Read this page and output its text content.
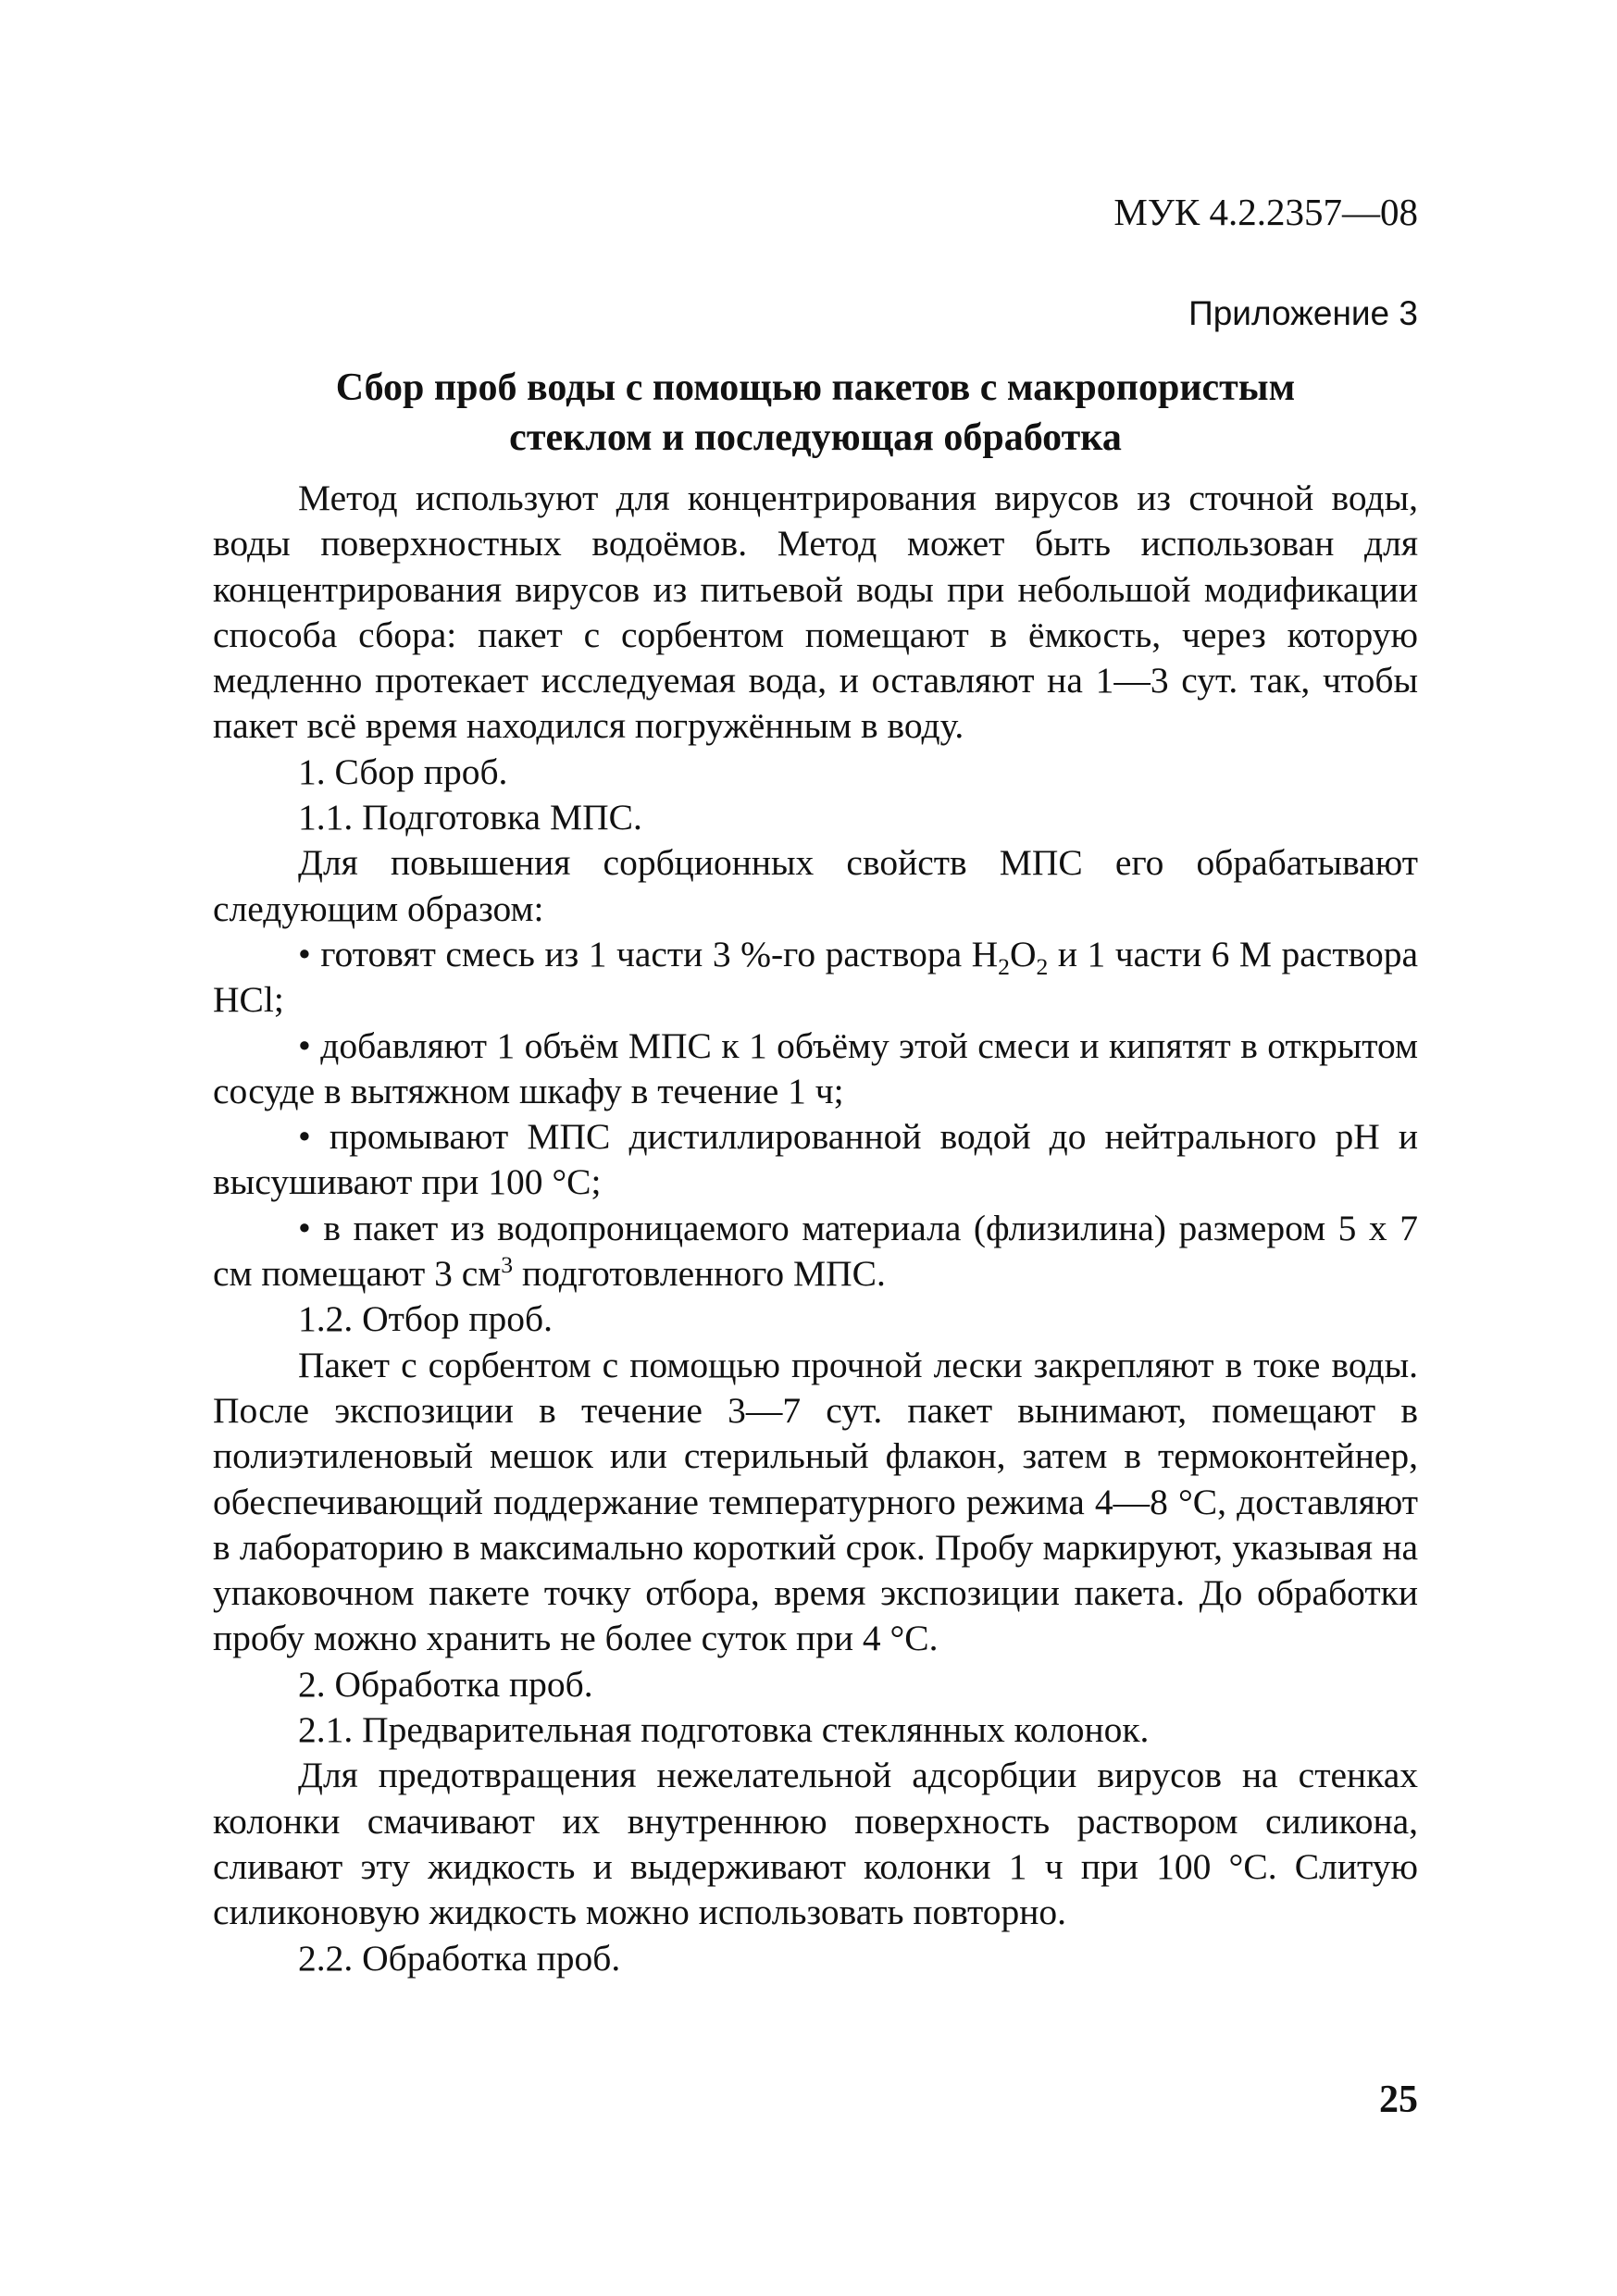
МУК 4.2.2357—08
Приложение 3
Сбор проб воды с помощью пакетов с макропористым
стеклом и последующая обработка

Метод используют для концентрирования вирусов из сточной воды, воды поверхностных водоёмов. Метод может быть использован для концентрирования вирусов из питьевой воды при небольшой модификации способа сбора: пакет с сорбентом помещают в ёмкость, через которую медленно протекает исследуемая вода, и оставляют на 1—3 сут. так, чтобы пакет всё время находился погружённым в воду.

1. Сбор проб.

1.1. Подготовка МПС.

Для повышения сорбционных свойств МПС его обрабатывают следующим образом:

• готовят смесь из 1 части 3 %-го раствора $H_2O_2$ и 1 части 6 М раствора HCl;

• добавляют 1 объём МПС к 1 объёму этой смеси и кипятят в открытом сосуде в вытяжном шкафу в течение 1 ч;

• промывают МПС дистиллированной водой до нейтрального рН и высушивают при 100 °С;

• в пакет из водопроницаемого материала (флизилина) размером 5 х 7 см помещают 3 $см^3$ подготовленного МПС.

1.2. Отбор проб.

Пакет с сорбентом с помощью прочной лески закрепляют в токе воды. После экспозиции в течение 3—7 сут. пакет вынимают, помещают в полиэтиленовый мешок или стерильный флакон, затем в термоконтейнер, обеспечивающий поддержание температурного режима 4—8 °С, доставляют в лабораторию в максимально короткий срок. Пробу маркируют, указывая на упаковочном пакете точку отбора, время экспозиции пакета. До обработки пробу можно хранить не более суток при 4 °С.

2. Обработка проб.

2.1. Предварительная подготовка стеклянных колонок.

Для предотвращения нежелательной адсорбции вирусов на стенках колонки смачивают их внутреннюю поверхность раствором силикона, сливают эту жидкость и выдерживают колонки 1 ч при 100 °С. Слитую силиконовую жидкость можно использовать повторно.

2.2. Обработка проб.

25
